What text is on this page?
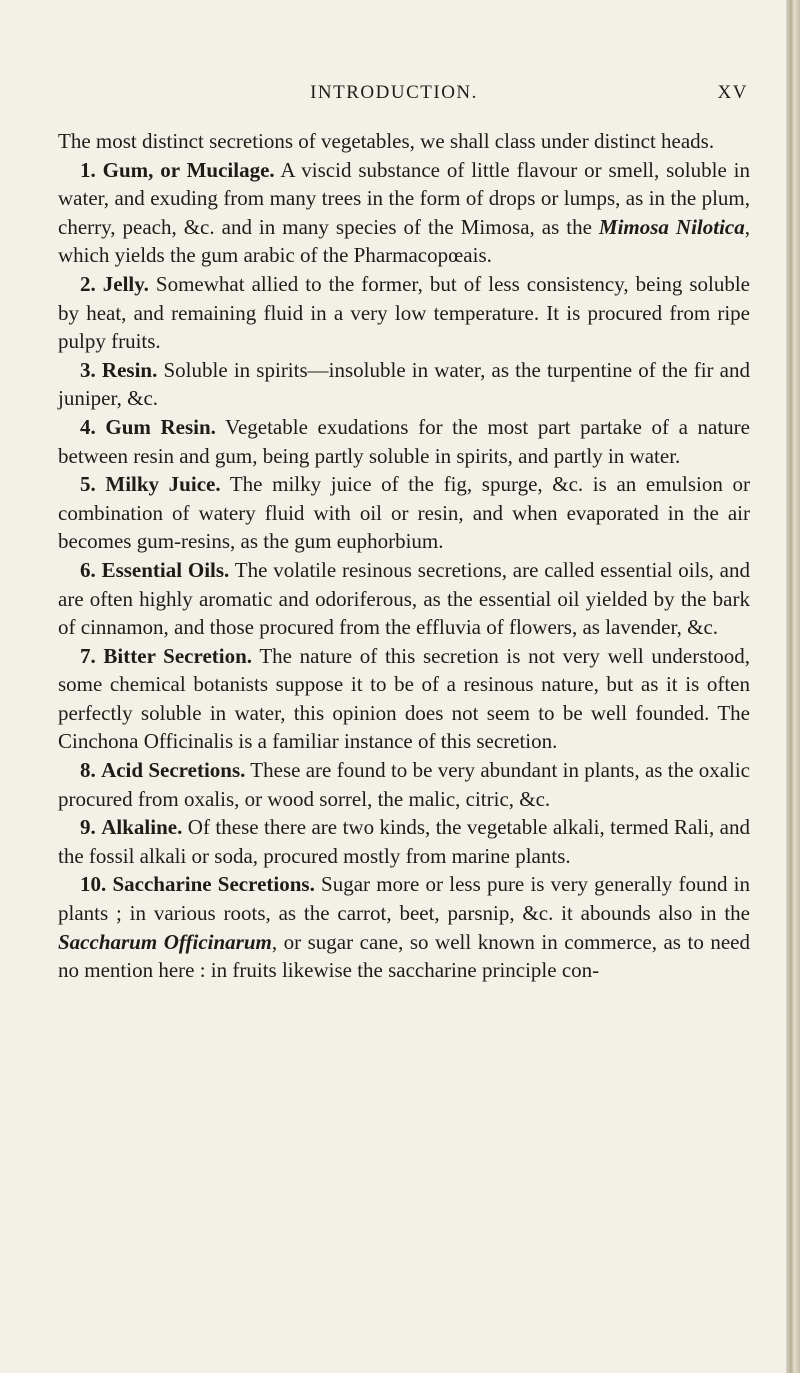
INTRODUCTION.	XV

The most distinct secretions of vegetables, we shall class under distinct heads.

1. Gum, or Mucilage. A viscid substance of little flavour or smell, soluble in water, and exuding from many trees in the form of drops or lumps, as in the plum, cherry, peach, &c. and in many species of the Mimosa, as the Mimosa Nilotica, which yields the gum arabic of the Pharmacopœais.

2. Jelly. Somewhat allied to the former, but of less consistency, being soluble by heat, and remaining fluid in a very low temperature. It is procured from ripe pulpy fruits.

3. Resin. Soluble in spirits—insoluble in water, as the turpentine of the fir and juniper, &c.

4. Gum Resin. Vegetable exudations for the most part partake of a nature between resin and gum, being partly soluble in spirits, and partly in water.

5. Milky Juice. The milky juice of the fig, spurge, &c. is an emulsion or combination of watery fluid with oil or resin, and when evaporated in the air becomes gum-resins, as the gum euphorbium.

6. Essential Oils. The volatile resinous secretions, are called essential oils, and are often highly aromatic and odoriferous, as the essential oil yielded by the bark of cinnamon, and those procured from the effluvia of flowers, as lavender, &c.

7. Bitter Secretion. The nature of this secretion is not very well understood, some chemical botanists suppose it to be of a resinous nature, but as it is often perfectly soluble in water, this opinion does not seem to be well founded. The Cinchona Officinalis is a familiar instance of this secretion.

8. Acid Secretions. These are found to be very abundant in plants, as the oxalic procured from oxalis, or wood sorrel, the malic, citric, &c.

9. Alkaline. Of these there are two kinds, the vegetable alkali, termed Rali, and the fossil alkali or soda, procured mostly from marine plants.

10. Saccharine Secretions. Sugar more or less pure is very generally found in plants ; in various roots, as the carrot, beet, parsnip, &c. it abounds also in the Saccharum Officinarum, or sugar cane, so well known in commerce, as to need no mention here : in fruits likewise the saccharine principle con-
